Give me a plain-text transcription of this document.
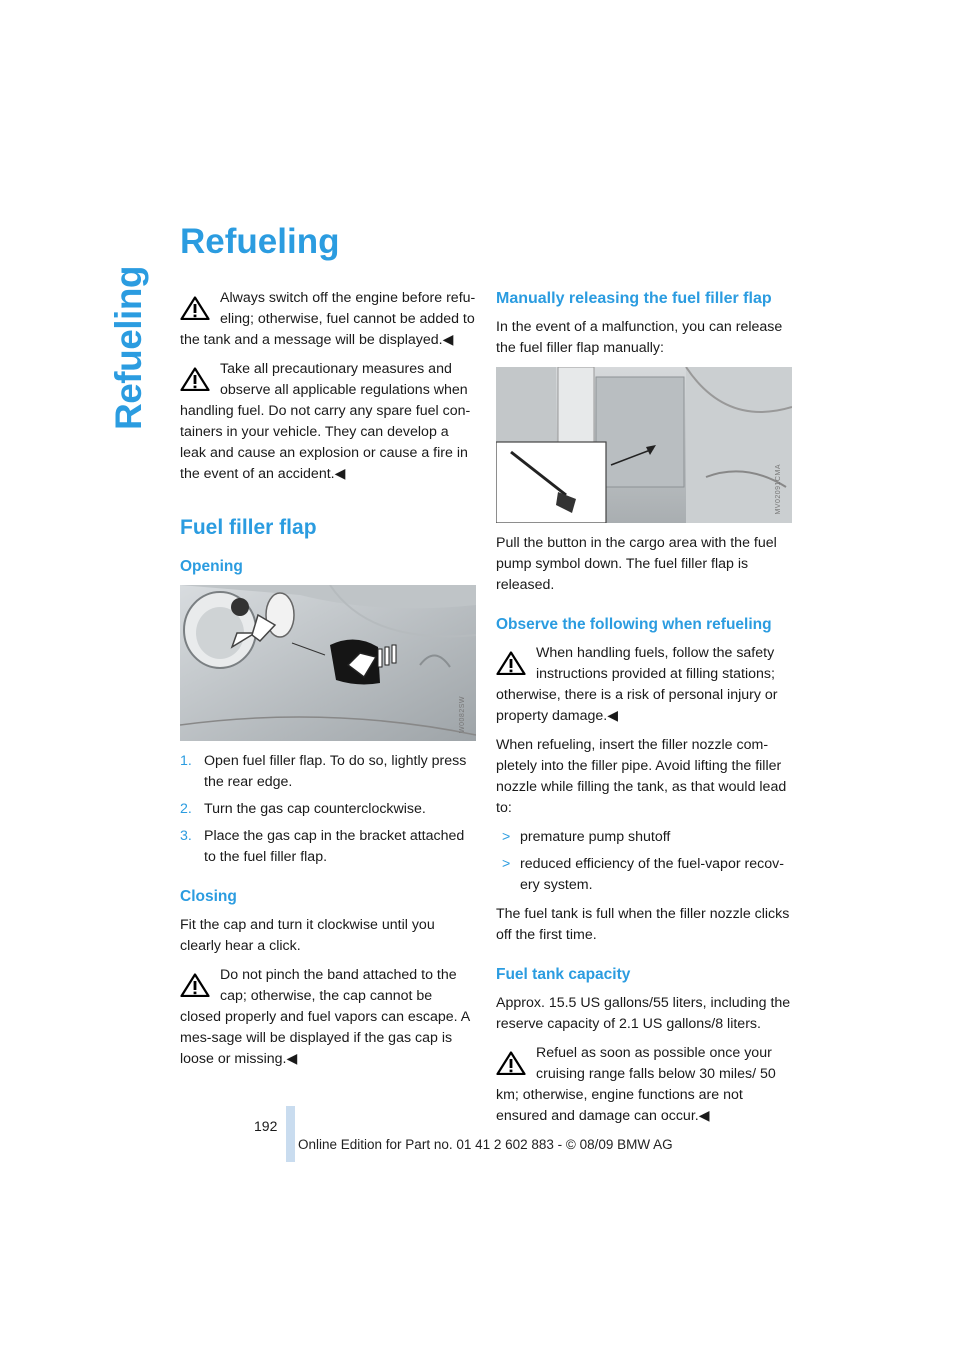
Refueling
Refueling
Always switch off the engine before refu-eling; otherwise, fuel cannot be added to the tank and a message will be displayed.◀
Take all precautionary measures and observe all applicable regulations when handling fuel. Do not carry any spare fuel con-tainers in your vehicle. They can develop a leak and cause an explosion or cause a fire in the event of an accident.◀
Fuel filler flap
Opening
W0082SW
1. Open fuel filler flap. To do so, lightly press the rear edge.
2. Turn the gas cap counterclockwise.
3. Place the gas cap in the bracket attached to the fuel filler flap.
Closing

Fit the cap and turn it clockwise until you clearly hear a click.

Do not pinch the band attached to the cap; otherwise, the cap cannot be closed properly and fuel vapors can escape. A mes-sage will be displayed if the gas cap is loose or missing.◀
Manually releasing the fuel filler flap

In the event of a malfunction, you can release the fuel filler flap manually:

MV02091CMA

Pull the button in the cargo area with the fuel pump symbol down. The fuel filler flap is released.

Observe the following when refueling
When handling fuels, follow the safety instructions provided at filling stations; otherwise, there is a risk of personal injury or property damage.◀

When refueling, insert the filler nozzle com-pletely into the filler pipe. Avoid lifting the filler nozzle while filling the tank, as that would lead to:

> premature pump shutoff
> reduced efficiency of the fuel-vapor recov-ery system.

The fuel tank is full when the filler nozzle clicks off the first time.

Fuel tank capacity

Approx. 15.5 US gallons/55 liters, including the reserve capacity of 2.1 US gallons/8 liters.

Refuel as soon as possible once your cruising range falls below 30 miles/ 50 km; otherwise, engine functions are not ensured and damage can occur.◀
192
Online Edition for Part no. 01 41 2 602 883 - © 08/09 BMW AG
